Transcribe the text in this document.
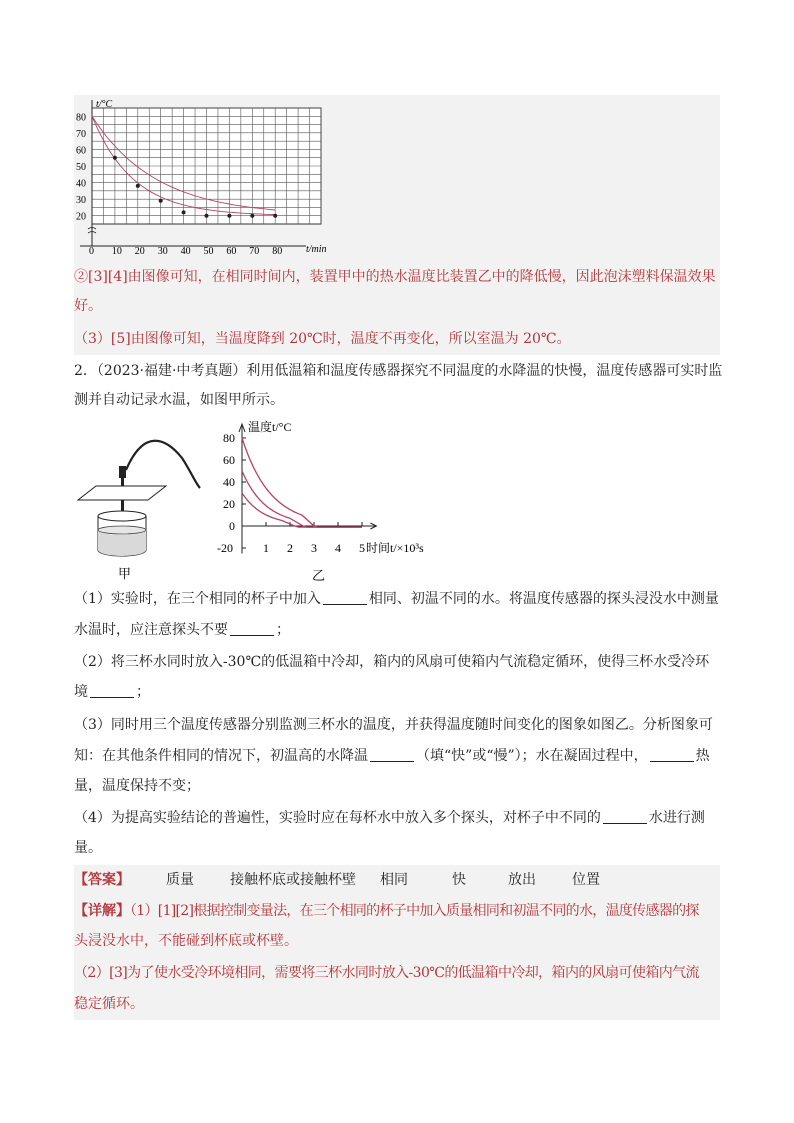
0 10 20 30 40 50 60 70 80
20
30
40
50
60
70
80
t/°C
t/min
②[3][4]由图像可知，在相同时间内，装置甲中的热水温度比装置乙中的降低慢，因此泡沫塑料保温效果
好。
（3）[5]由图像可知，当温度降到 20℃时，温度不再变化，所以室温为 20℃。
2．（2023·福建·中考真题）利用低温箱和温度传感器探究不同温度的水降温的快慢，温度传感器可实时监
测并自动记录水温，如图甲所示。
甲
80
60
40
20
0
-20	1 2 3 4 5
温度t/°C
时间t/×10³s
乙
（1）实验时，在三个相同的杯子中加入	相同、初温不同的水。将温度传感器的探头浸没水中测量
水温时，应注意探头不要	；
（2）将三杯水同时放入-30℃的低温箱中冷却，箱内的风扇可使箱内气流稳定循环，使得三杯水受冷环
境	；
（3）同时用三个温度传感器分别监测三杯水的温度，并获得温度随时间变化的图象如图乙。分析图象可
知：在其他条件相同的情况下，初温高的水降温	（填“快”或“慢”）；水在凝固过程中，	热
量，温度保持不变；
（4）为提高实验结论的普遍性，实验时应在每杯水中放入多个探头，对杯子中不同的	水进行测
量。
【答案】	质量	接触杯底或接触杯壁 相同	快	放出	位置
【详解】（1）[1][2]根据控制变量法，在三个相同的杯子中加入质量相同和初温不同的水，温度传感器的探
头浸没水中，不能碰到杯底或杯壁。
（2）[3]为了使水受冷环境相同，需要将三杯水同时放入-30℃的低温箱中冷却，箱内的风扇可使箱内气流
稳定循环。
